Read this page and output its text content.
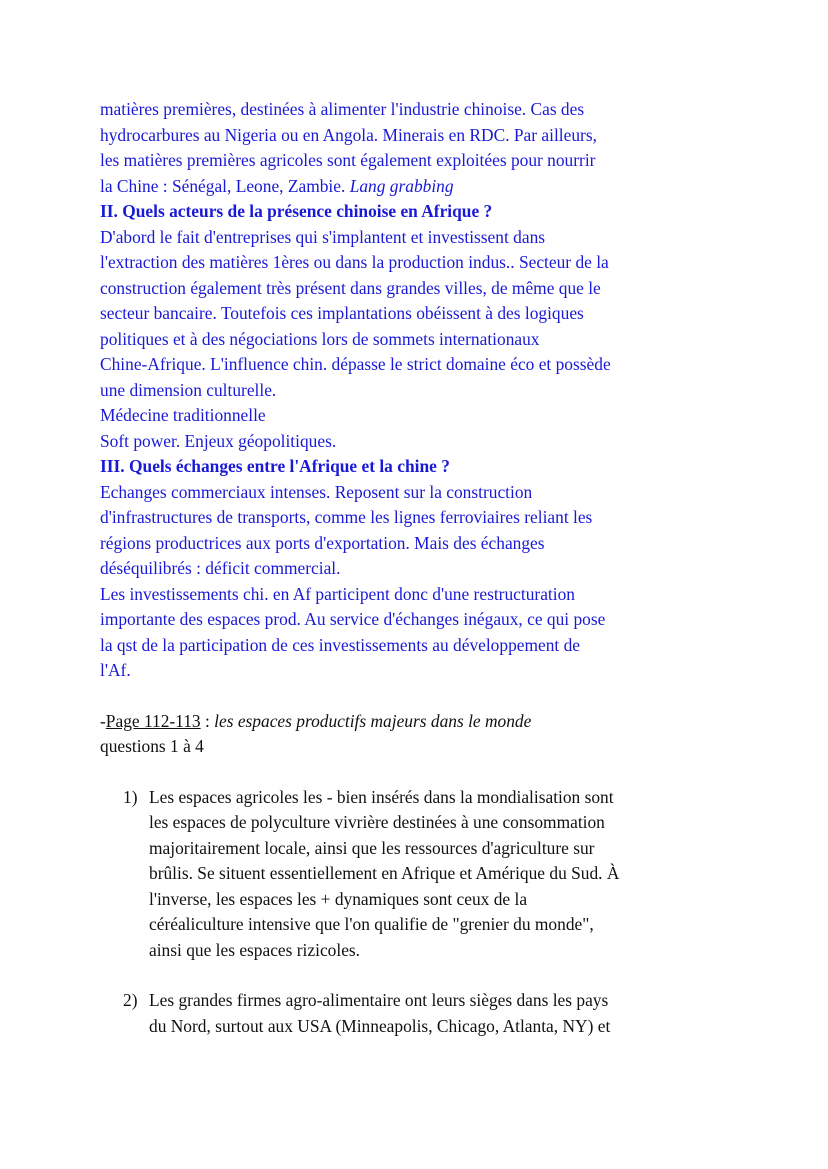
matières premières, destinées à alimenter l'industrie chinoise. Cas des
hydrocarbures au Nigeria ou en Angola. Minerais en RDC. Par ailleurs,
les matières premières agricoles sont également exploitées pour nourrir
la Chine : Sénégal, Leone, Zambie. Lang grabbing
II. Quels acteurs de la présence chinoise en Afrique ?
D'abord le fait d'entreprises qui s'implantent et investissent dans
l'extraction des matières 1ères ou dans la production indus.. Secteur de la
construction également très présent dans grandes villes, de même que le
secteur bancaire. Toutefois ces implantations obéissent à des logiques
politiques et à des négociations lors de sommets internationaux
Chine-Afrique. L'influence chin. dépasse le strict domaine éco et possède
une dimension culturelle.
Médecine traditionnelle
Soft power. Enjeux géopolitiques.
III. Quels échanges entre l'Afrique et la chine ?
Echanges commerciaux intenses. Reposent sur la construction
d'infrastructures de transports, comme les lignes ferroviaires reliant les
régions productrices aux ports d'exportation. Mais des échanges
déséquilibrés : déficit commercial.
Les investissements chi. en Af participent donc d'une restructuration
importante des espaces prod. Au service d'échanges inégaux, ce qui pose
la qst de la participation de ces investissements au développement de
l'Af.
-Page 112-113 : les espaces productifs majeurs dans le monde
questions 1 à 4
1) Les espaces agricoles les - bien insérés dans la mondialisation sont
les espaces de polyculture vivrière destinées à une consommation
majoritairement locale, ainsi que les ressources d'agriculture sur
brûlis. Se situent essentiellement en Afrique et Amérique du Sud. À
l'inverse, les espaces les + dynamiques sont ceux de la
céréaliculture intensive que l'on qualifie de "grenier du monde",
ainsi que les espaces rizicoles.
2) Les grandes firmes agro-alimentaire ont leurs sièges dans les pays
du Nord, surtout aux USA (Minneapolis, Chicago, Atlanta, NY) et
